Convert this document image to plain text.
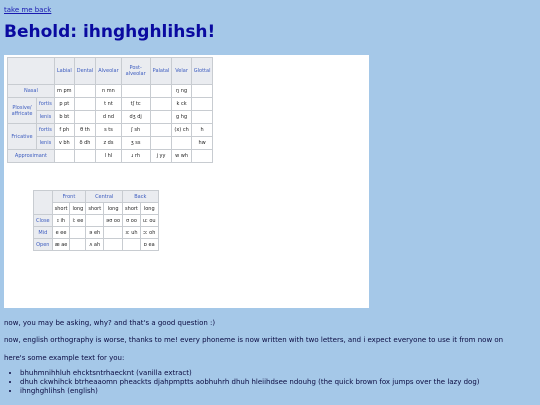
take me back
Behold: ihnghghlihsh!
		Labial	Dental	Alveolar	Post-alveolar	Palatal	Velar	Glottal
Nasal		m pm		n mn			ŋ ng	
Plosive/ affricate	fortis	p pt		t nt	tʃ tc		k ck	
	lenis	b bt		d nd	dʒ dj		g hg	
Fricative	fortis	f ph	θ th	s ts	ʃ sh		(x) ch	h
	lenis	v bh	ð dh	z ds	ʒ ss			hw
Approximant				l hl	ɹ rh	j yy	w wh	
	Front		Central		Back	
	short	long	short	long	short	long
Close	ɪ ih	iː ee		əʊ oo	ʊ oo	uː ou
Mid	e ee		ə eh		ɜː uh	ɔː oh
Open	æ ae		ʌ ah			ɒ ea

now, you may be asking, why? and that's a good question :)

now, english orthography is worse, thanks to me! every phoneme is now written with two letters, and i expect everyone to use it from now on

here's some example text for you:

• bhuhmnihhluh ehcktsntrhaecknt (vanilla extract)
• dhuh ckwhihck btrheaaomn pheackts djahpmptts aobhuhrh dhuh hleiihdsee ndouhg (the quick brown fox jumps over the lazy dog)
• ihnghghlihsh (english)
